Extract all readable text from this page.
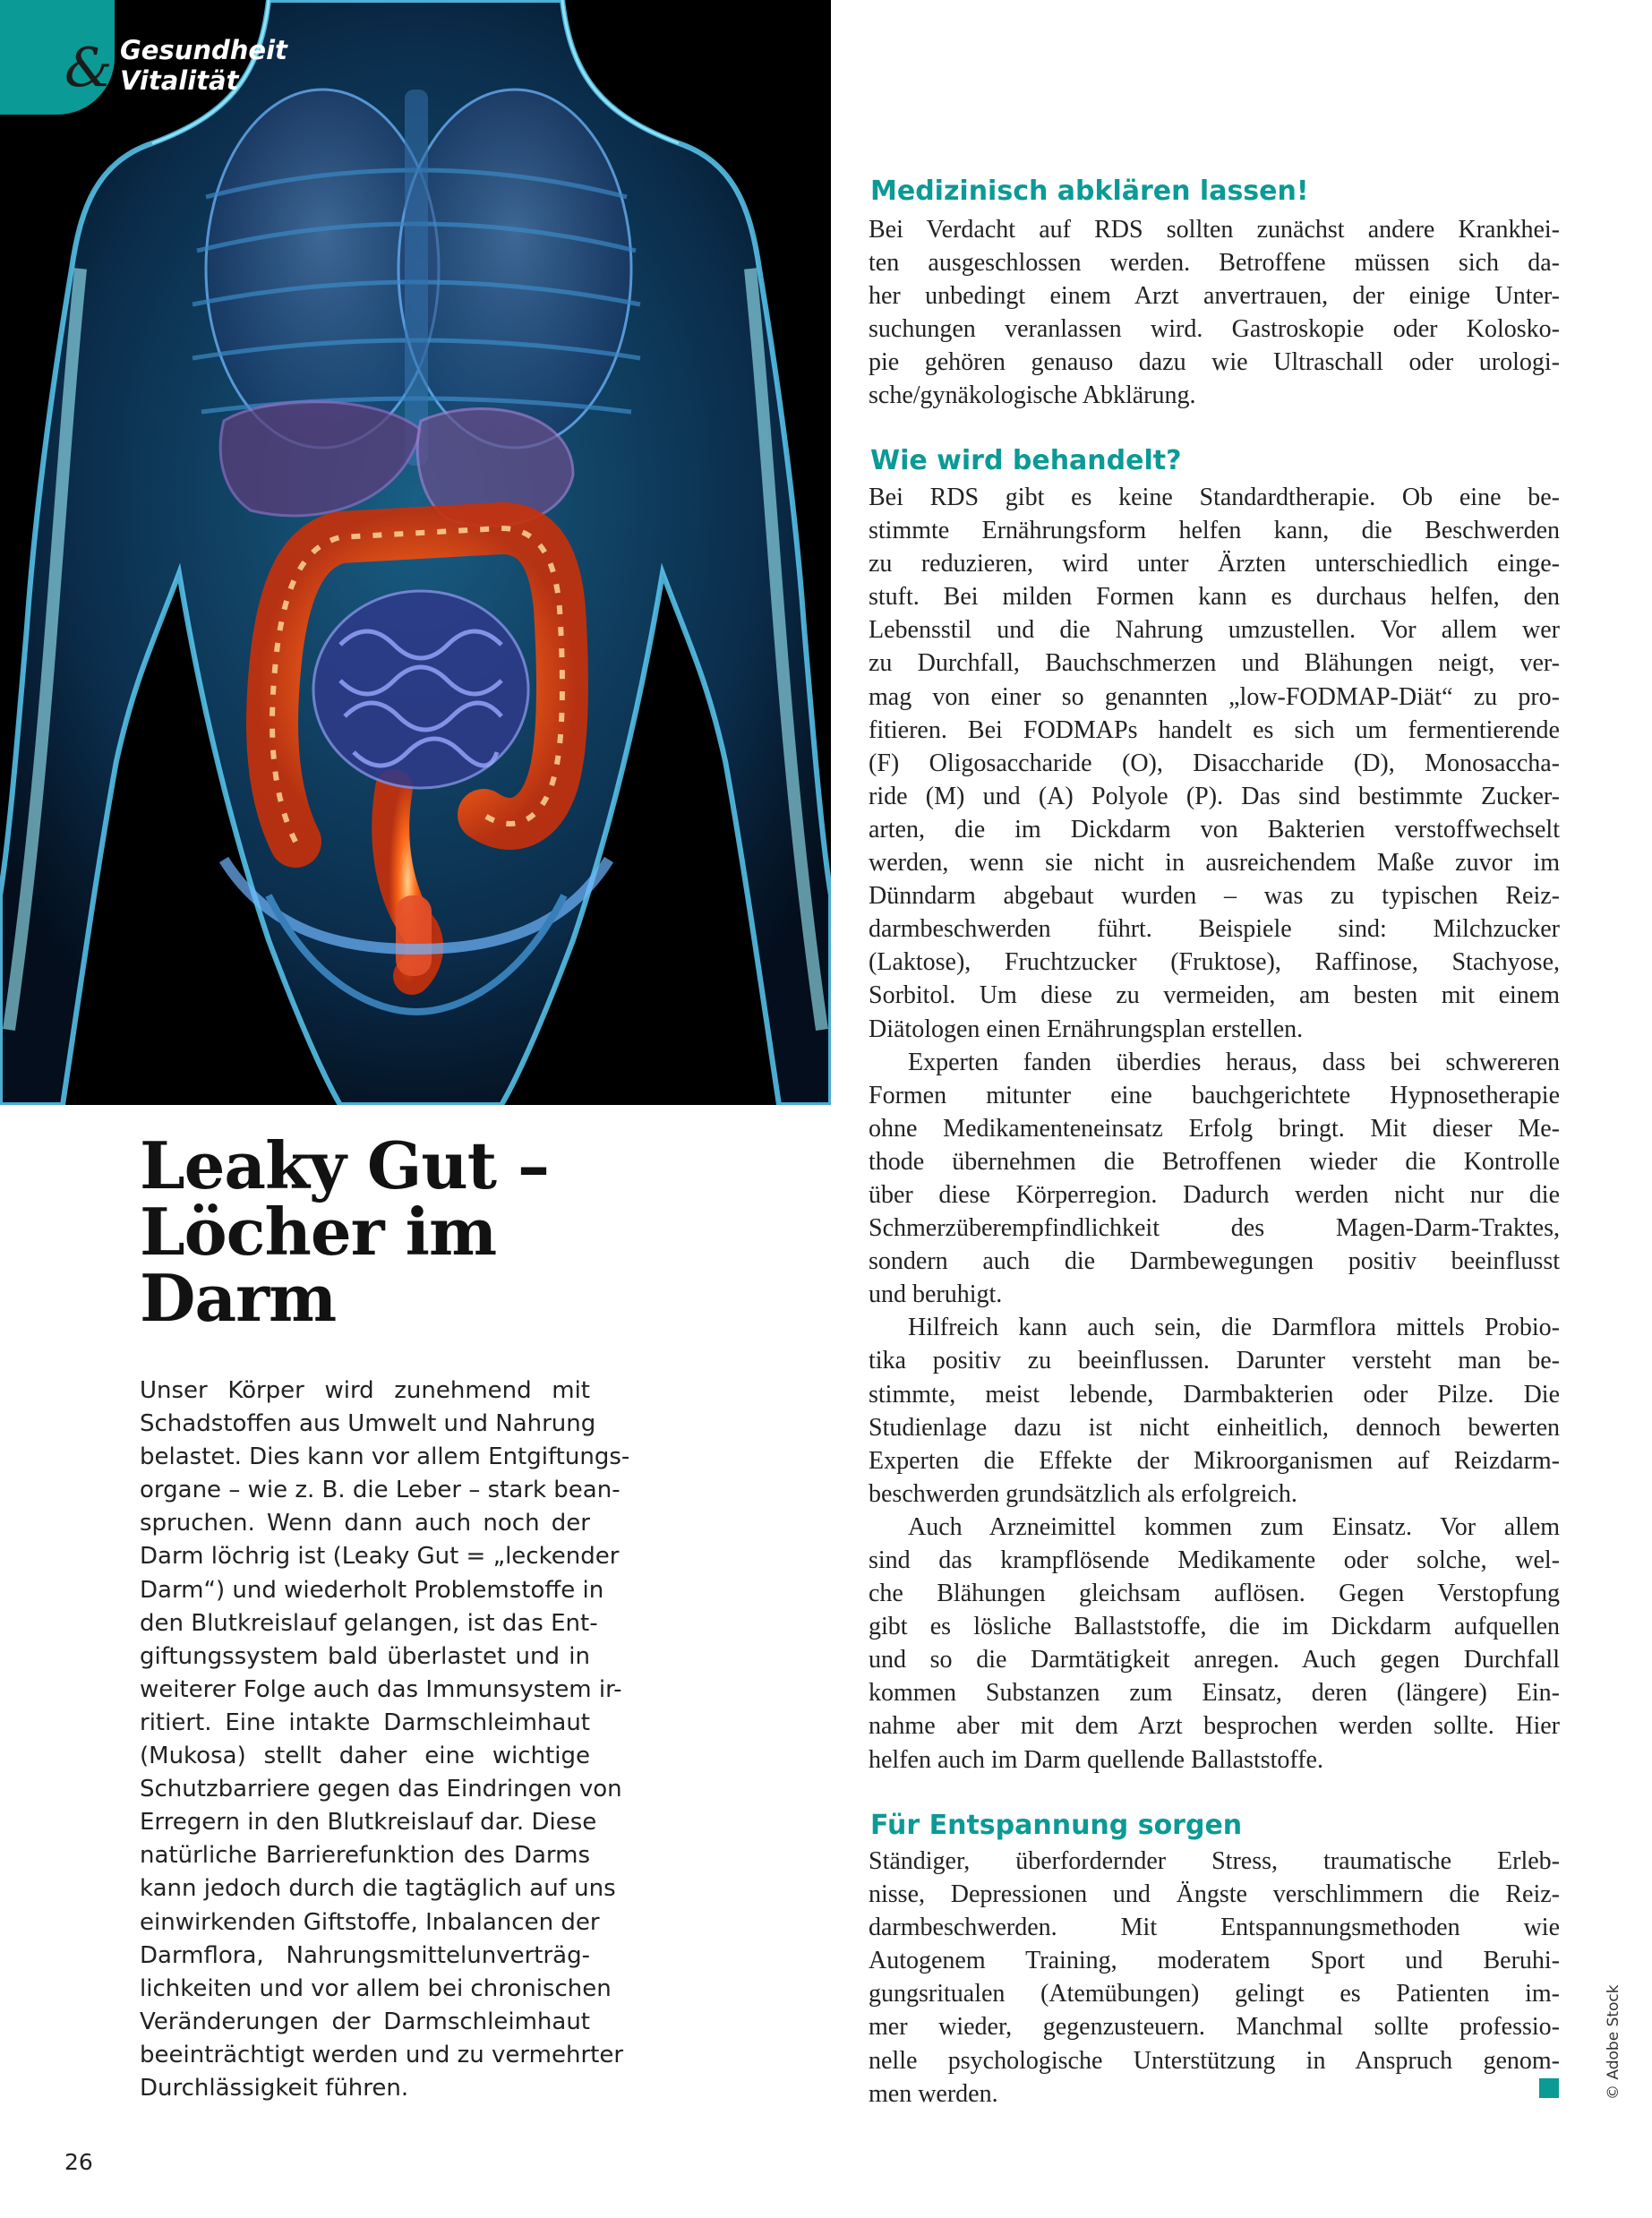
& Gesundheit
Vitalität
Leaky Gut –
Löcher im
Darm

Unser Körper wird zunehmend mit
Schadstoffen aus Umwelt und Nahrung
belastet. Dies kann vor allem Entgiftungs-
organe – wie z. B. die Leber – stark bean-
spruchen. Wenn dann auch noch der
Darm löchrig ist (Leaky Gut = „leckender
Darm“) und wiederholt Problemstoffe in
den Blutkreislauf gelangen, ist das Ent-
giftungssystem bald überlastet und in
weiterer Folge auch das Immunsystem ir-
ritiert. Eine intakte Darmschleimhaut
(Mukosa) stellt daher eine wichtige
Schutzbarriere gegen das Eindringen von
Erregern in den Blutkreislauf dar. Diese
natürliche Barrierefunktion des Darms
kann jedoch durch die tagtäglich auf uns
einwirkenden Giftstoffe, Inbalancen der
Darmflora, Nahrungsmittelunverträg-
lichkeiten und vor allem bei chronischen
Veränderungen der Darmschleimhaut
beeinträchtigt werden und zu vermehrter
Durchlässigkeit führen.

Medizinisch abklären lassen!

Bei Verdacht auf RDS sollten zunächst andere Krankhei-
ten ausgeschlossen werden. Betroffene müssen sich da-
her unbedingt einem Arzt anvertrauen, der einige Unter-
suchungen veranlassen wird. Gastroskopie oder Kolosko-
pie gehören genauso dazu wie Ultraschall oder urologi-
sche/gynäkologische Abklärung.

Wie wird behandelt?

Bei RDS gibt es keine Standardtherapie. Ob eine be-
stimmte Ernährungsform helfen kann, die Beschwerden
zu reduzieren, wird unter Ärzten unterschiedlich einge-
stuft. Bei milden Formen kann es durchaus helfen, den
Lebensstil und die Nahrung umzustellen. Vor allem wer
zu Durchfall, Bauchschmerzen und Blähungen neigt, ver-
mag von einer so genannten „low-FODMAP-Diät“ zu pro-
fitieren. Bei FODMAPs handelt es sich um fermentierende
(F) Oligosaccharide (O), Disaccharide (D), Monosaccha-
ride (M) und (A) Polyole (P). Das sind bestimmte Zucker-
arten, die im Dickdarm von Bakterien verstoffwechselt
werden, wenn sie nicht in ausreichendem Maße zuvor im
Dünndarm abgebaut wurden – was zu typischen Reiz-
darmbeschwerden führt. Beispiele sind: Milchzucker
(Laktose), Fruchtzucker (Fruktose), Raffinose, Stachyose,
Sorbitol. Um diese zu vermeiden, am besten mit einem
Diätologen einen Ernährungsplan erstellen.
Experten fanden überdies heraus, dass bei schwereren
Formen mitunter eine bauchgerichtete Hypnosetherapie
ohne Medikamenteneinsatz Erfolg bringt. Mit dieser Me-
thode übernehmen die Betroffenen wieder die Kontrolle
über diese Körperregion. Dadurch werden nicht nur die
Schmerzüberempfindlichkeit des Magen-Darm-Traktes,
sondern auch die Darmbewegungen positiv beeinflusst
und beruhigt.
Hilfreich kann auch sein, die Darmflora mittels Probio-
tika positiv zu beeinflussen. Darunter versteht man be-
stimmte, meist lebende, Darmbakterien oder Pilze. Die
Studienlage dazu ist nicht einheitlich, dennoch bewerten
Experten die Effekte der Mikroorganismen auf Reizdarm-
beschwerden grundsätzlich als erfolgreich.
Auch Arzneimittel kommen zum Einsatz. Vor allem
sind das krampflösende Medikamente oder solche, wel-
che Blähungen gleichsam auflösen. Gegen Verstopfung
gibt es lösliche Ballaststoffe, die im Dickdarm aufquellen
und so die Darmtätigkeit anregen. Auch gegen Durchfall
kommen Substanzen zum Einsatz, deren (längere) Ein-
nahme aber mit dem Arzt besprochen werden sollte. Hier
helfen auch im Darm quellende Ballaststoffe.

Für Entspannung sorgen

Ständiger, überfordernder Stress, traumatische Erleb-
nisse, Depressionen und Ängste verschlimmern die Reiz-
darmbeschwerden. Mit Entspannungsmethoden wie
Autogenem Training, moderatem Sport und Beruhi-
gungsritualen (Atemübungen) gelingt es Patienten im-
mer wieder, gegenzusteuern. Manchmal sollte professio-
nelle psychologische Unterstützung in Anspruch genom-
men werden.	© Adobe Stock
26
